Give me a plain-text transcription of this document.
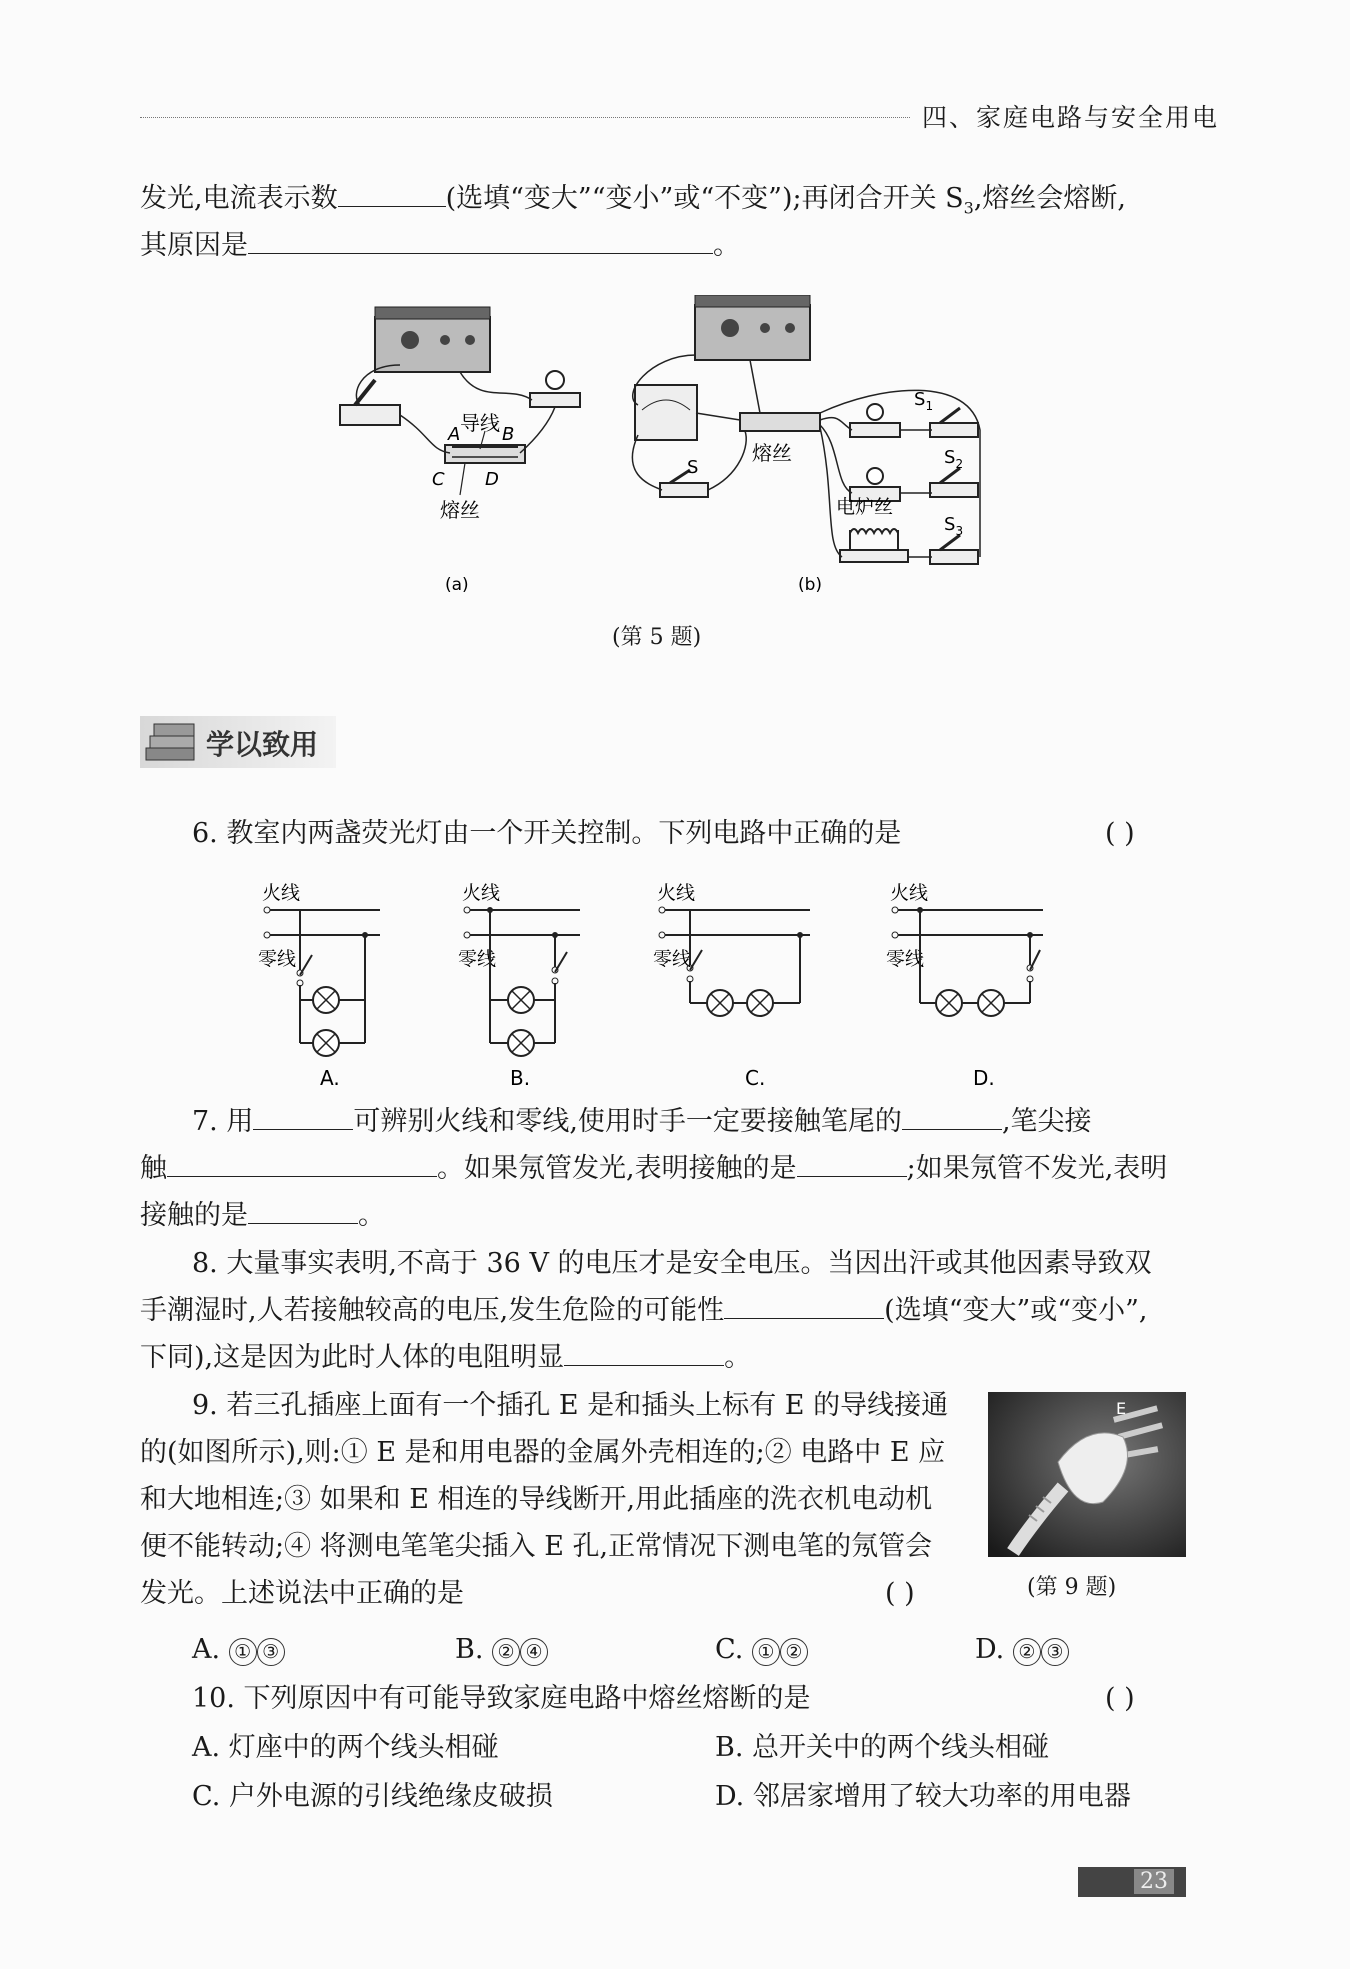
四、家庭电路与安全用电
发光,电流表示数	(选填“变大”“变小”或“不变”);再闭合开关 $S_3$,熔丝会熔断,
其原因是	。
导线
A B
C D
熔丝
(a)
熔丝
S
电炉丝
$S_1$
$S_2$
$S_3$
(b)
(第 5 题)
学以致用
6. 教室内两盏荧光灯由一个开关控制。下列电路中正确的是	( )
火线
零线
A.
火线
零线
B.
火线
零线
C.
火线
零线
D.
7. 用	可辨别火线和零线,使用时手一定要接触笔尾的	,笔尖接
触	。如果氖管发光,表明接触的是	;如果氖管不发光,表明
接触的是	。
8. 大量事实表明,不高于 36 V 的电压才是安全电压。当因出汗或其他因素导致双
手潮湿时,人若接触较高的电压,发生危险的可能性	(选填“变大”或“变小”,
下同),这是因为此时人体的电阻明显	。
9. 若三孔插座上面有一个插孔 E 是和插头上标有 E 的导线接通
的(如图所示),则:① E 是和用电器的金属外壳相连的;② 电路中 E 应
和大地相连;③ 如果和 E 相连的导线断开,用此插座的洗衣机电动机
便不能转动;④ 将测电笔笔尖插入 E 孔,正常情况下测电笔的氖管会
发光。上述说法中正确的是	( )
E
(第 9 题)
A. ① ③	B. ② ④	C. ① ②	D. ② ③
10. 下列原因中有可能导致家庭电路中熔丝熔断的是	( )
A. 灯座中的两个线头相碰	B. 总开关中的两个线头相碰
C. 户外电源的引线绝缘皮破损	D. 邻居家增用了较大功率的用电器
23
